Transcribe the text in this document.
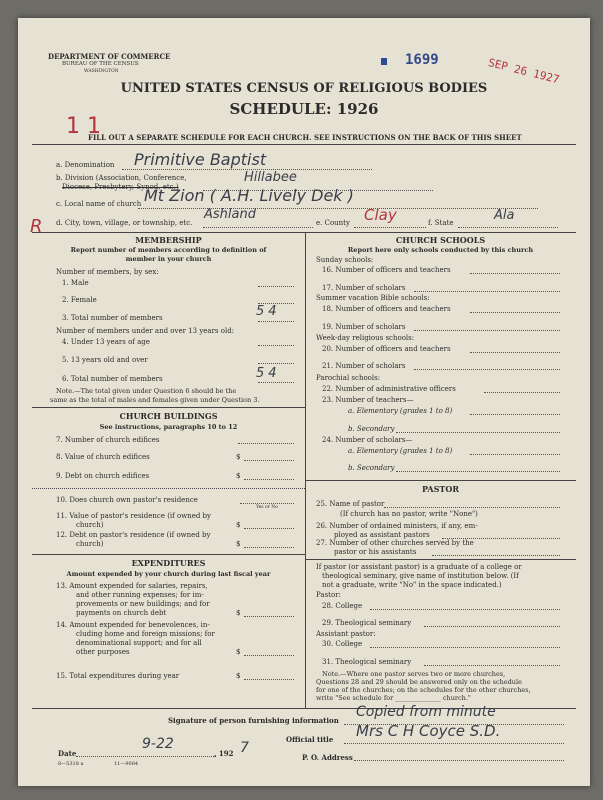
DEPARTMENT OF COMMERCE
BUREAU OF THE CENSUS
WASHINGTON
1699	SEP 26 1927
UNITED STATES CENSUS OF RELIGIOUS BODIES
SCHEDULE: 1926
1 1
FILL OUT A SEPARATE SCHEDULE FOR EACH CHURCH. SEE INSTRUCTIONS ON THE BACK OF THIS SHEET
a. Denomination Primitive Baptist
b. Division (Association, Conference,
Diocese, Presbytery, Synod, etc.)
Hillabee
c. Local name of church Mt Zion ( A.H. Lively Dek )
d. City, town, village, or township, etc.
Ashland
e. County Clay	f. State	Ala
R
MEMBERSHIP
Report number of members according to definition of
member in your church
Number of members, by sex:
1. Male
2. Female
3. Total number of members	54
Number of members under and over 13 years old:
4. Under 13 years of age
5. 13 years old and over
6. Total number of members	54
Note.—The total given under Question 6 should be the
same as the total of males and females given under Question 3.
CHURCH BUILDINGS
See instructions, paragraphs 10 to 12
7. Number of church edifices
8. Value of church edifices	$
9. Debt on church edifices	$
10. Does church own pastor's residence
Yes or No
11. Value of pastor's residence (if owned by
church)	$
12. Debt on pastor's residence (if owned by
church)	$
EXPENDITURES
Amount expended by your church during last fiscal year
13. Amount expended for salaries, repairs,
and other running expenses; for im-
provements or new buildings; and for
payments on church debt	$
14. Amount expended for benevolences, in-
cluding home and foreign missions; for
denominational support; and for all
other purposes	$
15. Total expenditures during year	$
CHURCH SCHOOLS
Report here only schools conducted by this church
Sunday schools:
16. Number of officers and teachers
17. Number of scholars
Summer vacation Bible schools:
18. Number of officers and teachers
19. Number of scholars
Week-day religious schools:
20. Number of officers and teachers
21. Number of scholars
Parochial schools:
22. Number of administrative officers
23. Number of teachers—
a. Elementary (grades 1 to 8)
b. Secondary
24. Number of scholars—
a. Elementary (grades 1 to 8)
b. Secondary
PASTOR
25. Name of pastor
(If church has no pastor, write "None")
26. Number of ordained ministers, if any, em-
ployed as assistant pastors
27. Number of other churches served by the
pastor or his assistants
If pastor (or assistant pastor) is a graduate of a college or
theological seminary, give name of institution below. (If
not a graduate, write "No" in the space indicated.)
Pastor:
28. College
29. Theological seminary
Assistant pastor:
30. College
31. Theological seminary
Note.—Where one pastor serves two or more churches,
Questions 28 and 29 should be answered only on the schedule
for one of the churches; on the schedules for the other churches,
write "See schedule for ______________ church."
Signature of person furnishing information
Copied from minute
Official title Mrs C H Coyce S.D.
Date
9-22
, 192 7
P. O. Address
8—5318 a	11—9084
